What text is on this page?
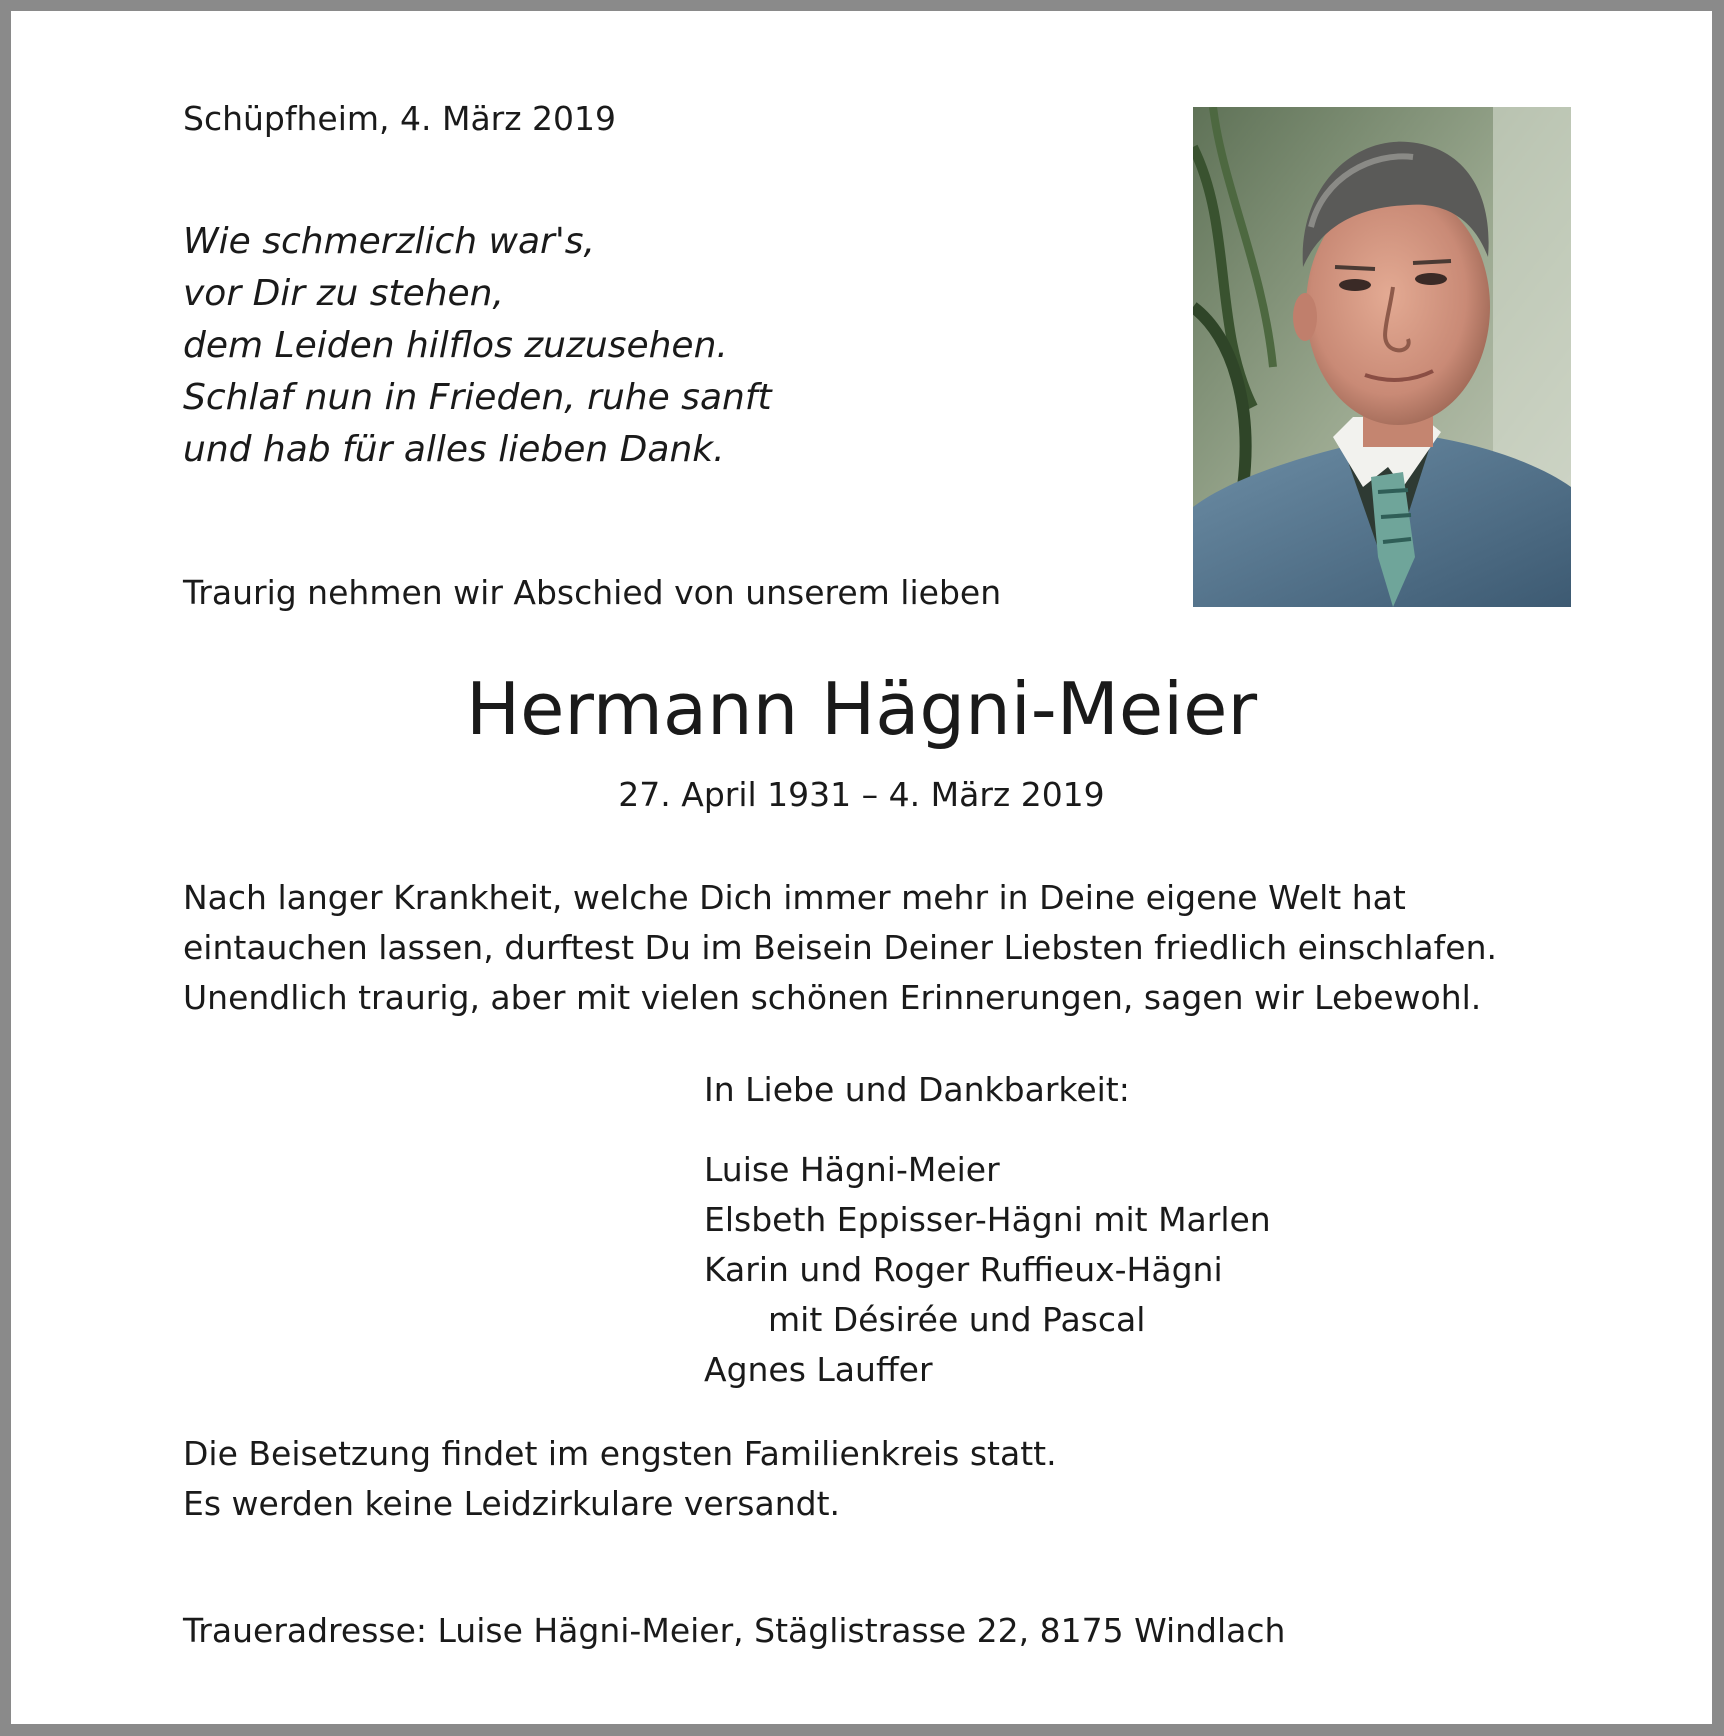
Schüpfheim, 4. März 2019
Wie schmerzlich war's,
vor Dir zu stehen,
dem Leiden hilflos zuzusehen.
Schlaf nun in Frieden, ruhe sanft
und hab für alles lieben Dank.
Traurig nehmen wir Abschied von unserem lieben
Hermann Hägni-Meier
27. April 1931 – 4. März 2019
Nach langer Krankheit, welche Dich immer mehr in Deine eigene Welt hat
eintauchen lassen, durftest Du im Beisein Deiner Liebsten friedlich einschlafen.
Unendlich traurig, aber mit vielen schönen Erinnerungen, sagen wir Lebewohl.
In Liebe und Dankbarkeit:
Luise Hägni-Meier
Elsbeth Eppisser-Hägni mit Marlen
Karin und Roger Ruffieux-Hägni
mit Désirée und Pascal
Agnes Lauffer
Die Beisetzung findet im engsten Familienkreis statt.
Es werden keine Leidzirkulare versandt.
Traueradresse: Luise Hägni-Meier, Stäglistrasse 22, 8175 Windlach
